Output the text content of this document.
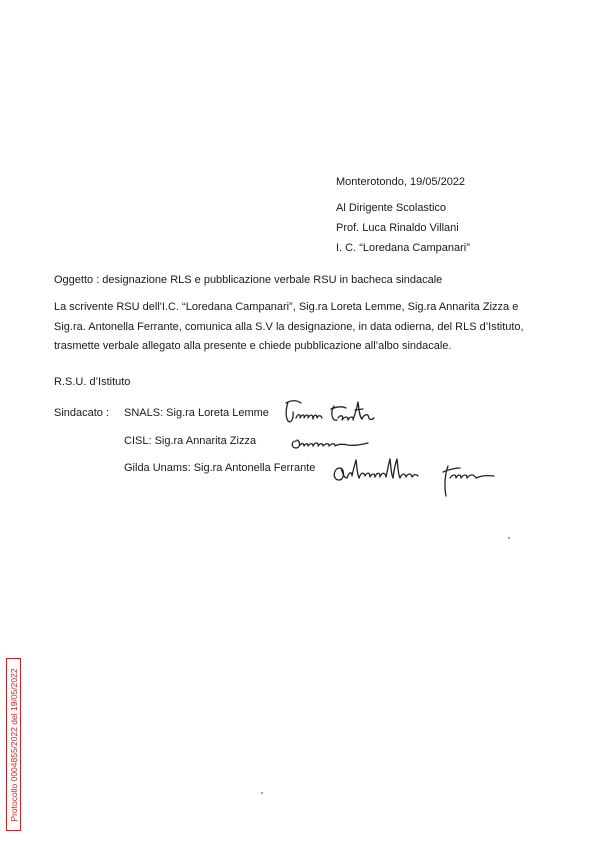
Monterotondo, 19/05/2022
Al Dirigente Scolastico
Prof. Luca Rinaldo Villani
I. C. “Loredana Campanari”
Oggetto : designazione RLS e pubblicazione verbale RSU in bacheca sindacale
La scrivente RSU dell'I.C. “Loredana Campanari”, Sig.ra Loreta Lemme, Sig.ra Annarita Zizza e Sig.ra. Antonella Ferrante, comunica alla S.V la designazione, in data odierna, del RLS d’Istituto, trasmette verbale allegato alla presente e chiede pubblicazione all’albo sindacale.
R.S.U. d’Istituto
Sindacato : SNALS: Sig.ra Loreta Lemme
CISL: Sig.ra Annarita Zizza
Gilda Unams: Sig.ra Antonella Ferrante
Protocollo 0004855/2022 del 19/05/2022
